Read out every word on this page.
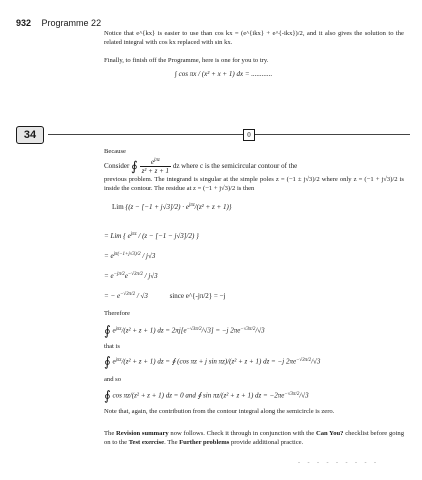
932 Programme 22
Notice that e^{kx} is easier to use than cos kx = (e^{ikx} + e^{-ikx})/2, and it also gives the solution to the related integral with cos kx replaced with sin kx.
Finally, to finish off the Programme, here is one for you to try.
∫ cos πx / (x² + x + 1) dx = ............
34	0
Because
Consider ∮ $\frac{e^{j\pi z}}{\text{z² + z + 1}}$ dz where c is the semicircular contour of the
previous problem. The integrand is singular at the simple poles z = (−1 ± j√3)/2 where only z = (−1 + j√3)/2 is inside the contour. The residue at z = (−1 + j√3)/2 is then
Lim $\{(z - [-1 + j√3]/2) \cdot e^{j\pi z}/(z^2 + z + 1)\}$
= Lim { $e^{j\pi z} / (z - [-1 - j√3]/2)$ }
= $e^{j\pi(-1+j√3)/2} / j√3$
= $e^{-j\pi/2}e^{-√3\pi/2} / j√3$
= − $e^{-√3\pi/2} / √3$	since e^{-jπ/2} = −j
Therefore
∮ $e^{j\pi z}/(z^2 + z + 1)$ dz = $2\pi j[e^{-√3\pi/2}/√3] = -j$ $2\pi e^{-√3\pi/2}/√3$
that is
∮ $e^{j\pi z}/(z^2 + z + 1)$ dz = ∮ (cos πz + j sin πz)/(z² + z + 1) dz = −j $2\pi e^{-√3\pi/2}/√3$
and so
∮ cos πz/(z² + z + 1) dz = 0 and ∮ sin πz/(z² + z + 1) dz = $-2\pi e^{-√3\pi/2}/√3$
Note that, again, the contribution from the contour integral along the semicircle is zero.
The Revision summary now follows. Check it through in conjunction with the Can You? checklist before going on to the Test exercise. The Further problems provide additional practice.
- - - - - - - - -
